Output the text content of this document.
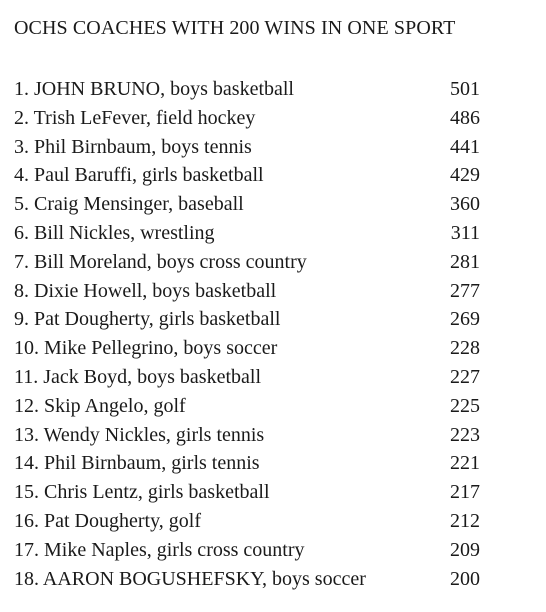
OCHS COACHES WITH 200 WINS IN ONE SPORT
1. JOHN BRUNO, boys basketball	501
2. Trish LeFever, field hockey	486
3. Phil Birnbaum, boys tennis	441
4. Paul Baruffi, girls basketball	429
5. Craig Mensinger, baseball	360
6. Bill Nickles, wrestling	311
7. Bill Moreland, boys cross country	281
8. Dixie Howell, boys basketball	277
9. Pat Dougherty, girls basketball	269
10. Mike Pellegrino, boys soccer	228
11. Jack Boyd, boys basketball	227
12. Skip Angelo, golf	225
13. Wendy Nickles, girls tennis	223
14. Phil Birnbaum, girls tennis	221
15. Chris Lentz, girls basketball	217
16. Pat Dougherty, golf	212
17. Mike Naples, girls cross country	209
18. AARON BOGUSHEFSKY, boys soccer	200
